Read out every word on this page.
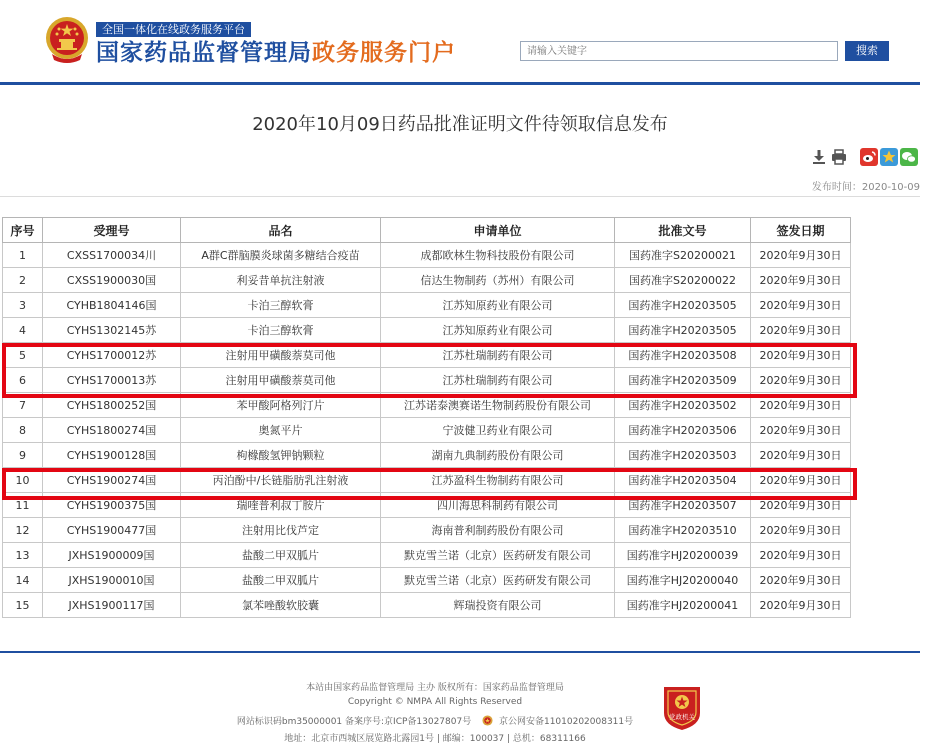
全国一体化在线政务服务平台
国家药品监督管理局政务服务门户
请输入关键字	搜索
2020年10月09日药品批准证明文件待领取信息发布
发布时间：2020-10-09
序号	受理号	品名	申请单位	批准文号	签发日期
1	CXSS1700034川	A群C群脑膜炎球菌多糖结合疫苗	成都欧林生物科技股份有限公司	国药准字S20200021	2020年9月30日
2	CXSS1900030国	利妥昔单抗注射液	信达生物制药（苏州）有限公司	国药准字S20200022	2020年9月30日
3	CYHB1804146国	卡泊三醇软膏	江苏知原药业有限公司	国药准字H20203505	2020年9月30日
4	CYHS1302145苏	卡泊三醇软膏	江苏知原药业有限公司	国药准字H20203505	2020年9月30日
5	CYHS1700012苏	注射用甲磺酸萘莫司他	江苏杜瑞制药有限公司	国药准字H20203508	2020年9月30日
6	CYHS1700013苏	注射用甲磺酸萘莫司他	江苏杜瑞制药有限公司	国药准字H20203509	2020年9月30日
7	CYHS1800252国	苯甲酸阿格列汀片	江苏诺泰澳赛诺生物制药股份有限公司	国药准字H20203502	2020年9月30日
8	CYHS1800274国	奥氮平片	宁波健卫药业有限公司	国药准字H20203506	2020年9月30日
9	CYHS1900128国	枸橼酸氢钾钠颗粒	湖南九典制药股份有限公司	国药准字H20203503	2020年9月30日
10	CYHS1900274国	丙泊酚中/长链脂肪乳注射液	江苏盈科生物制药有限公司	国药准字H20203504	2020年9月30日
11	CYHS1900375国	瑞喹普利叔丁胺片	四川海思科制药有限公司	国药准字H20203507	2020年9月30日
12	CYHS1900477国	注射用比伐芦定	海南普利制药股份有限公司	国药准字H20203510	2020年9月30日
13	JXHS1900009国	盐酸二甲双胍片	默克雪兰诺（北京）医药研发有限公司	国药准字HJ20200039	2020年9月30日
14	JXHS1900010国	盐酸二甲双胍片	默克雪兰诺（北京）医药研发有限公司	国药准字HJ20200040	2020年9月30日
15	JXHS1900117国	氯苯唑酸软胶囊	辉瑞投资有限公司	国药准字HJ20200041	2020年9月30日
本站由国家药品监督管理局 主办 版权所有：国家药品监督管理局
Copyright © NMPA All Rights Reserved
网站标识码bm35000001 备案序号:京ICP备13027807号	京公网安备11010202008311号
地址：北京市西城区展览路北露园1号 | 邮编：100037 | 总机：68311166
党政机关
